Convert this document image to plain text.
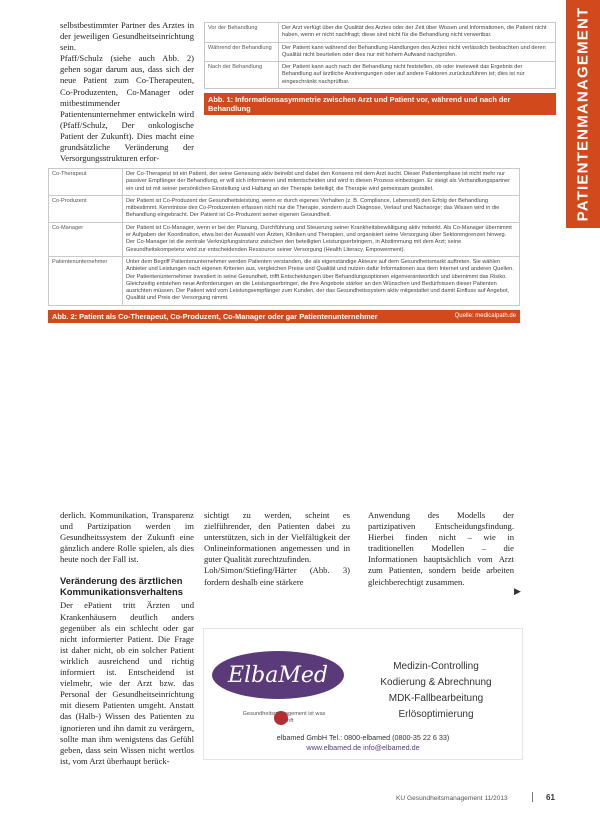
PATIENTENMANAGEMENT
selbstbestimmter Partner des Arztes in der jeweiligen Gesundheitseinrichtung sein.
Pfaff/Schulz (siehe auch Abb. 2) gehen sogar darum aus, dass sich der neue Patient zum Co-Therapeuten, Co-Produzenten, Co-Manager oder mitbestimmender Patientenunternehmer entwickeln wird (Pfaff/Schulz, Der onkologische Patient der Zukunft). Dies macht eine grundsätzliche Veränderung der Versorgungsstrukturen erfor-
Vor der Behandlung	Der Arzt verfügt über die Qualität des Arztes oder der Zeit über Wissen und Informationen, die Patient nicht haben, wenn er nicht nachfragt; diese sind nicht für die Behandlung nicht verwertbar.
Während der Behandlung	Der Patient kann während der Behandlung Handlungen des Arztes nicht verlässlich beobachten und deren Qualität nicht beurteilen oder dies nur mit hohem Aufwand nachprüfen.
Nach der Behandlung	Der Patient kann auch nach der Behandlung nicht feststellen, ob oder inwieweit das Ergebnis der Behandlung auf ärztliche Anstrengungen oder auf andere Faktoren zurückzuführen ist; dies ist nur eingeschränkt nachprüfbar.
Abb. 1: Informationsasymmetrie zwischen Arzt und Patient vor, während und nach der Behandlung
Co-Therapeut	Der Co-Therapeut ist ein Patient, der seine Genesung aktiv betreibt und dabei den Konsens mit dem Arzt sucht. Dieser Patientenphase ist nicht mehr nur passiver Empfänger der Behandlung, er will sich informieren und mitentscheiden und wird in diesen Prozess einbezogen. Er steigt als Verhandlungspartner ein und ist mit seiner persönlichen Einstellung und Haltung an der Therapie beteiligt; die Therapie wird gemeinsam gestaltet.
Co-Produzent	Der Patient ist Co-Produzent der Gesundheitsleistung, wenn er durch eigenes Verhalten (z. B. Compliance, Lebensstil) den Erfolg der Behandlung mitbestimmt. Kenntnisse des Co-Produzenten erfassen nicht nur die Therapie, sondern auch Diagnose, Verlauf und Nachsorge; das Wissen wird in die Behandlung eingebracht. Der Patient ist Co-Produzent seiner eigenen Gesundheit.
Co-Manager	Der Patient ist Co-Manager, wenn er bei der Planung, Durchführung und Steuerung seiner Krankheitsbewältigung aktiv mitwirkt. Als Co-Manager übernimmt er Aufgaben der Koordination, etwa bei der Auswahl von Ärzten, Kliniken und Therapien, und organisiert seine Versorgung über Sektorengrenzen hinweg. Der Co-Manager ist die zentrale Verknüpfungsinstanz zwischen den beteiligten Leistungserbringern, in Abstimmung mit dem Arzt; seine Gesundheitskompetenz wird zur entscheidenden Ressource seiner Versorgung (Health Literacy, Empowerment).
Patientenunternehmer	Unter dem Begriff Patientenunternehmer werden Patienten verstanden, die als eigenständige Akteure auf dem Gesundheitsmarkt auftreten. Sie wählen Anbieter und Leistungen nach eigenen Kriterien aus, vergleichen Preise und Qualität und nutzen dafür Informationen aus dem Internet und anderen Quellen. Der Patientenunternehmer investiert in seine Gesundheit, trifft Entscheidungen über Behandlungsoptionen eigenverantwortlich und übernimmt das Risiko. Gleichzeitig entstehen neue Anforderungen an die Leistungserbringer, die ihre Angebote stärker an den Wünschen und Bedürfnissen dieser Patienten ausrichten müssen. Der Patient wird vom Leistungsempfänger zum Kunden, der das Gesundheitssystem aktiv mitgestaltet und damit Einfluss auf Angebot, Qualität und Preis der Versorgung nimmt.
Abb. 2: Patient als Co-Therapeut, Co-Produzent, Co-Manager oder gar Patientenunternehmer	Quelle: medicalpath.de
derlich. Kommunikation, Transparenz und Partizipation werden im Gesundheitssystem der Zukunft eine gänzlich andere Rolle spielen, als dies heute noch der Fall ist.
Veränderung des ärztlichen Kommunikationsverhaltens
Der ePatient tritt Ärzten und Krankenhäusern deutlich anders gegenüber als ein schlecht oder gar nicht informierter Patient. Die Frage ist daher nicht, ob ein solcher Patient wirklich ausreichend und richtig informiert ist. Entscheidend ist vielmehr, wie der Arzt bzw. das Personal der Gesundheitseinrichtung mit diesem Patienten umgeht. Anstatt das (Halb-) Wissen des Patienten zu ignorieren und ihn damit zu verärgern, sollte man ihm wenigstens das Gefühl geben, dass sein Wissen nicht wertlos ist, vom Arzt überhaupt berück-
sichtigt zu werden, scheint es zielführender, den Patienten dabei zu unterstützen, sich in der Vielfältigkeit der Onlineinformationen angemessen und in guter Qualität zurechtzufinden.
Loh/Simon/Stiefing/Härter (Abb. 3) fordern deshalb eine stärkere
Anwendung des Modells der partizipativen Entscheidungsfindung. Hierbei finden nicht – wie in traditionellen Modellen – die Informationen hauptsächlich vom Arzt zum Patienten, sondern beide arbeiten gleichberechtigt zusammen.
▶
ElbaMed
Gesundheitsmanagement ist was Zukunft
Medizin-Controlling
Kodierung & Abrechnung
MDK-Fallbearbeitung
Erlösoptimierung
elbamed GmbH Tel.: 0800-elbamed (0800-35 22 6 33)
www.elbamed.de info@elbamed.de
KU Gesundheitsmanagement 11/2013	61
